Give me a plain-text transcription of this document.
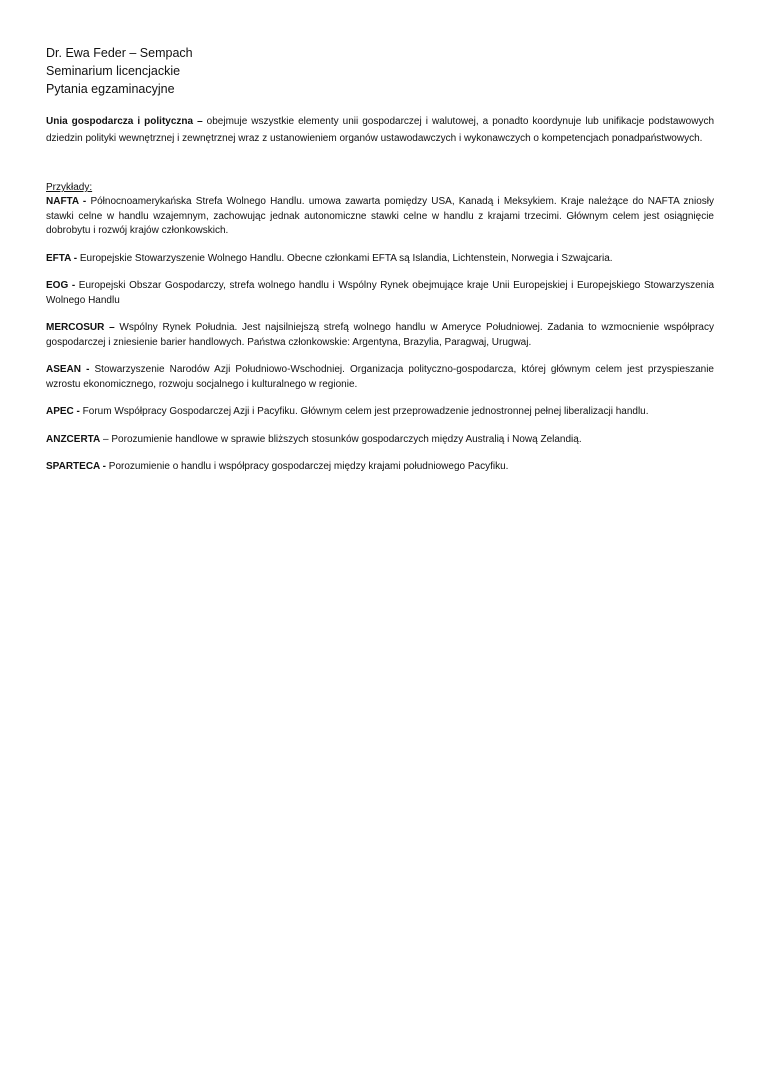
Dr. Ewa Feder – Sempach
Seminarium licencjackie
Pytania egzaminacyjne

Unia gospodarcza i polityczna – obejmuje wszystkie elementy unii gospodarczej i walutowej, a ponadto koordynuje lub unifikacje podstawowych dziedzin polityki wewnętrznej i zewnętrznej wraz z ustanowieniem organów ustawodawczych i wykonawczych o kompetencjach ponadpaństwowych.

Przykłady:

NAFTA - Północnoamerykańska Strefa Wolnego Handlu. umowa zawarta pomiędzy USA, Kanadą i Meksykiem. Kraje należące do NAFTA zniosły stawki celne w handlu wzajemnym, zachowując jednak autonomiczne stawki celne w handlu z krajami trzecimi. Głównym celem jest osiągnięcie dobrobytu i rozwój krajów członkowskich.

EFTA - Europejskie Stowarzyszenie Wolnego Handlu. Obecne członkami EFTA są Islandia, Lichtenstein, Norwegia i Szwajcaria.

EOG - Europejski Obszar Gospodarczy, strefa wolnego handlu i Wspólny Rynek obejmujące kraje Unii Europejskiej i Europejskiego Stowarzyszenia Wolnego Handlu

MERCOSUR – Wspólny Rynek Południa. Jest najsilniejszą strefą wolnego handlu w Ameryce Południowej. Zadania to wzmocnienie współpracy gospodarczej i zniesienie barier handlowych. Państwa członkowskie: Argentyna, Brazylia, Paragwaj, Urugwaj.

ASEAN - Stowarzyszenie Narodów Azji Południowo-Wschodniej. Organizacja polityczno-gospodarcza, której głównym celem jest przyspieszanie wzrostu ekonomicznego, rozwoju socjalnego i kulturalnego w regionie.

APEC - Forum Współpracy Gospodarczej Azji i Pacyfiku. Głównym celem jest przeprowadzenie jednostronnej pełnej liberalizacji handlu.

ANZCERTA – Porozumienie handlowe w sprawie bliższych stosunków gospodarczych między Australią i Nową Zelandią.

SPARTECA - Porozumienie o handlu i współpracy gospodarczej między krajami południowego Pacyfiku.
